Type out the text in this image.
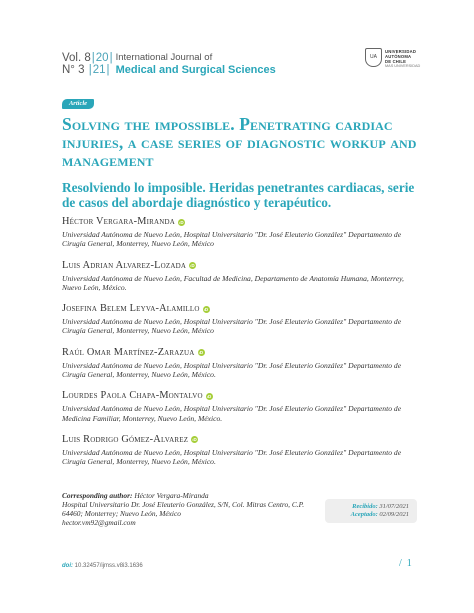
Vol. 8 | 20 |
N° 3 | 21 |
International Journal of
Medical and Surgical Sciences
UA
UNIVERSIDAD
AUTÓNOMA
DE CHILE
MAS UNIVERSIDAD
Article
Solving the impossible. Penetrating cardiac injuries, a case series of diagnostic workup and management
Resolviendo lo imposible. Heridas penetrantes cardiacas, serie de casos del abordaje diagnóstico y terapéutico.
Héctor Vergara-Miranda iD
Universidad Autónoma de Nuevo León, Hospital Universitario "Dr. José Eleuterio González" Departamento de Cirugía General, Monterrey, Nuevo León, México
Luis Adrian Alvarez-Lozada iD
Universidad Autónoma de Nuevo León, Facultad de Medicina, Departamento de Anatomía Humana, Monterrey, Nuevo León, México.
Josefina Belem Leyva-Alamillo iD
Universidad Autónoma de Nuevo León, Hospital Universitario "Dr. José Eleuterio González" Departamento de Cirugía General, Monterrey, Nuevo León, México
Raúl Omar Martínez-Zarazua iD
Universidad Autónoma de Nuevo León, Hospital Universitario "Dr. José Eleuterio González" Departamento de Cirugía General, Monterrey, Nuevo León, México.
Lourdes Paola Chapa-Montalvo iD
Universidad Autónoma de Nuevo León, Hospital Universitario "Dr. José Eleuterio González" Departamento de Medicina Familiar, Monterrey, Nuevo León, México.
Luis Rodrigo Gómez-Alvarez iD
Universidad Autónoma de Nuevo León, Hospital Universitario "Dr. José Eleuterio González" Departamento de Cirugía General, Monterrey, Nuevo León, México.
Corresponding author: Héctor Vergara-Miranda
Hospital Universitario Dr. José Eleuterio González, S/N, Col. Mitras Centro, C.P.
64460; Monterrey; Nuevo León, México
hector.vm92@gmail.com
Recibido: 31/07/2021
Aceptado: 02/09/2021
doi: 10.32457/ijmss.v8i3.1636	/ 1
